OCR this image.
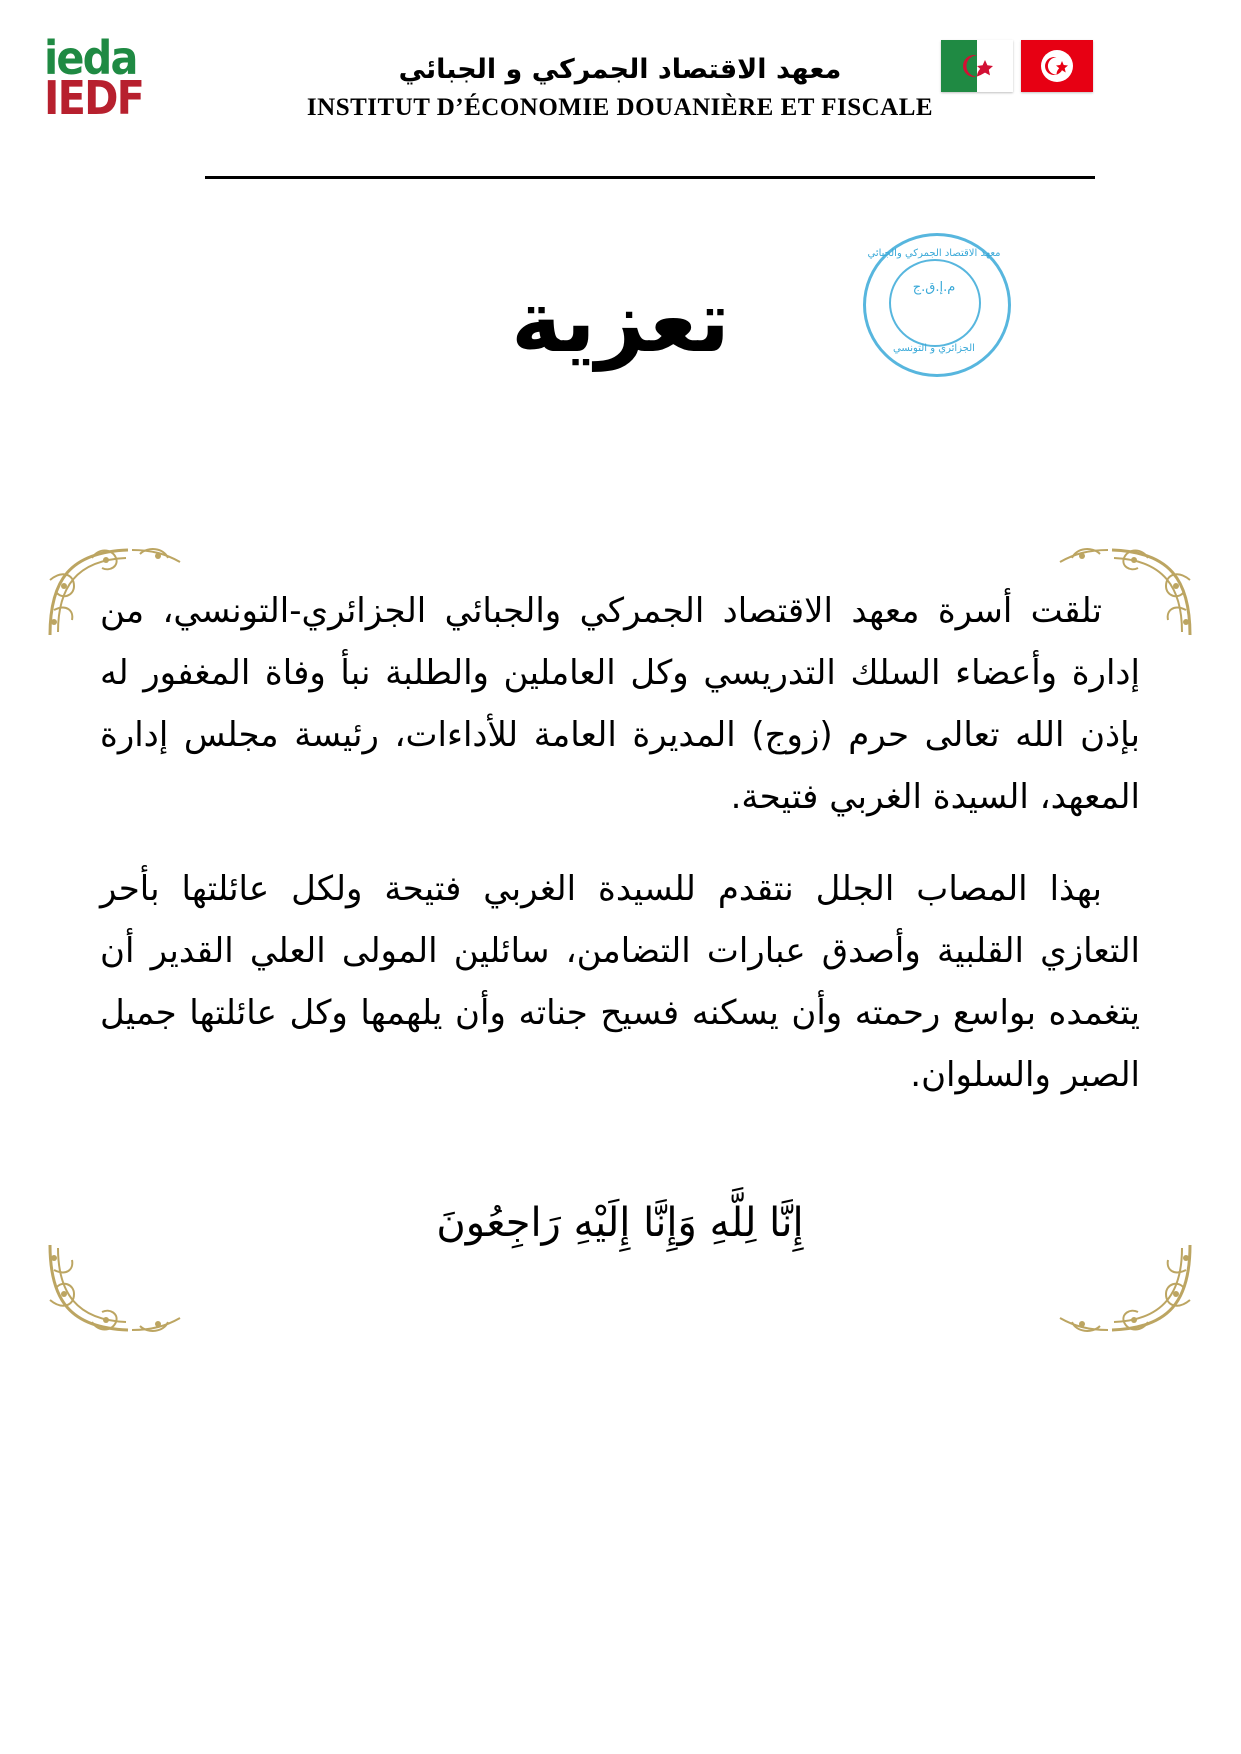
ieda
IEDF
معهد الاقتصاد الجمركي و الجبائي
INSTITUT D’ÉCONOMIE DOUANIÈRE ET FISCALE
معهد الاقتصاد الجمركي والجبائي
م.إ.ق.ج
الجزائري و التونسي
تعزية

تلقت أسرة معهد الاقتصاد الجمركي والجبائي الجزائري-التونسي، من إدارة وأعضاء السلك التدريسي وكل العاملين والطلبة نبأ وفاة المغفور له بإذن الله تعالى حرم (زوج) المديرة العامة للأداءات، رئيسة مجلس إدارة المعهد، السيدة الغربي فتيحة.

بهذا المصاب الجلل نتقدم للسيدة الغربي فتيحة ولكل عائلتها بأحر التعازي القلبية وأصدق عبارات التضامن، سائلين المولى العلي القدير أن يتغمده بواسع رحمته وأن يسكنه فسيح جناته وأن يلهمها وكل عائلتها جميل الصبر والسلوان.

إِنَّا لِلَّهِ وَإِنَّا إِلَيْهِ رَاجِعُونَ
